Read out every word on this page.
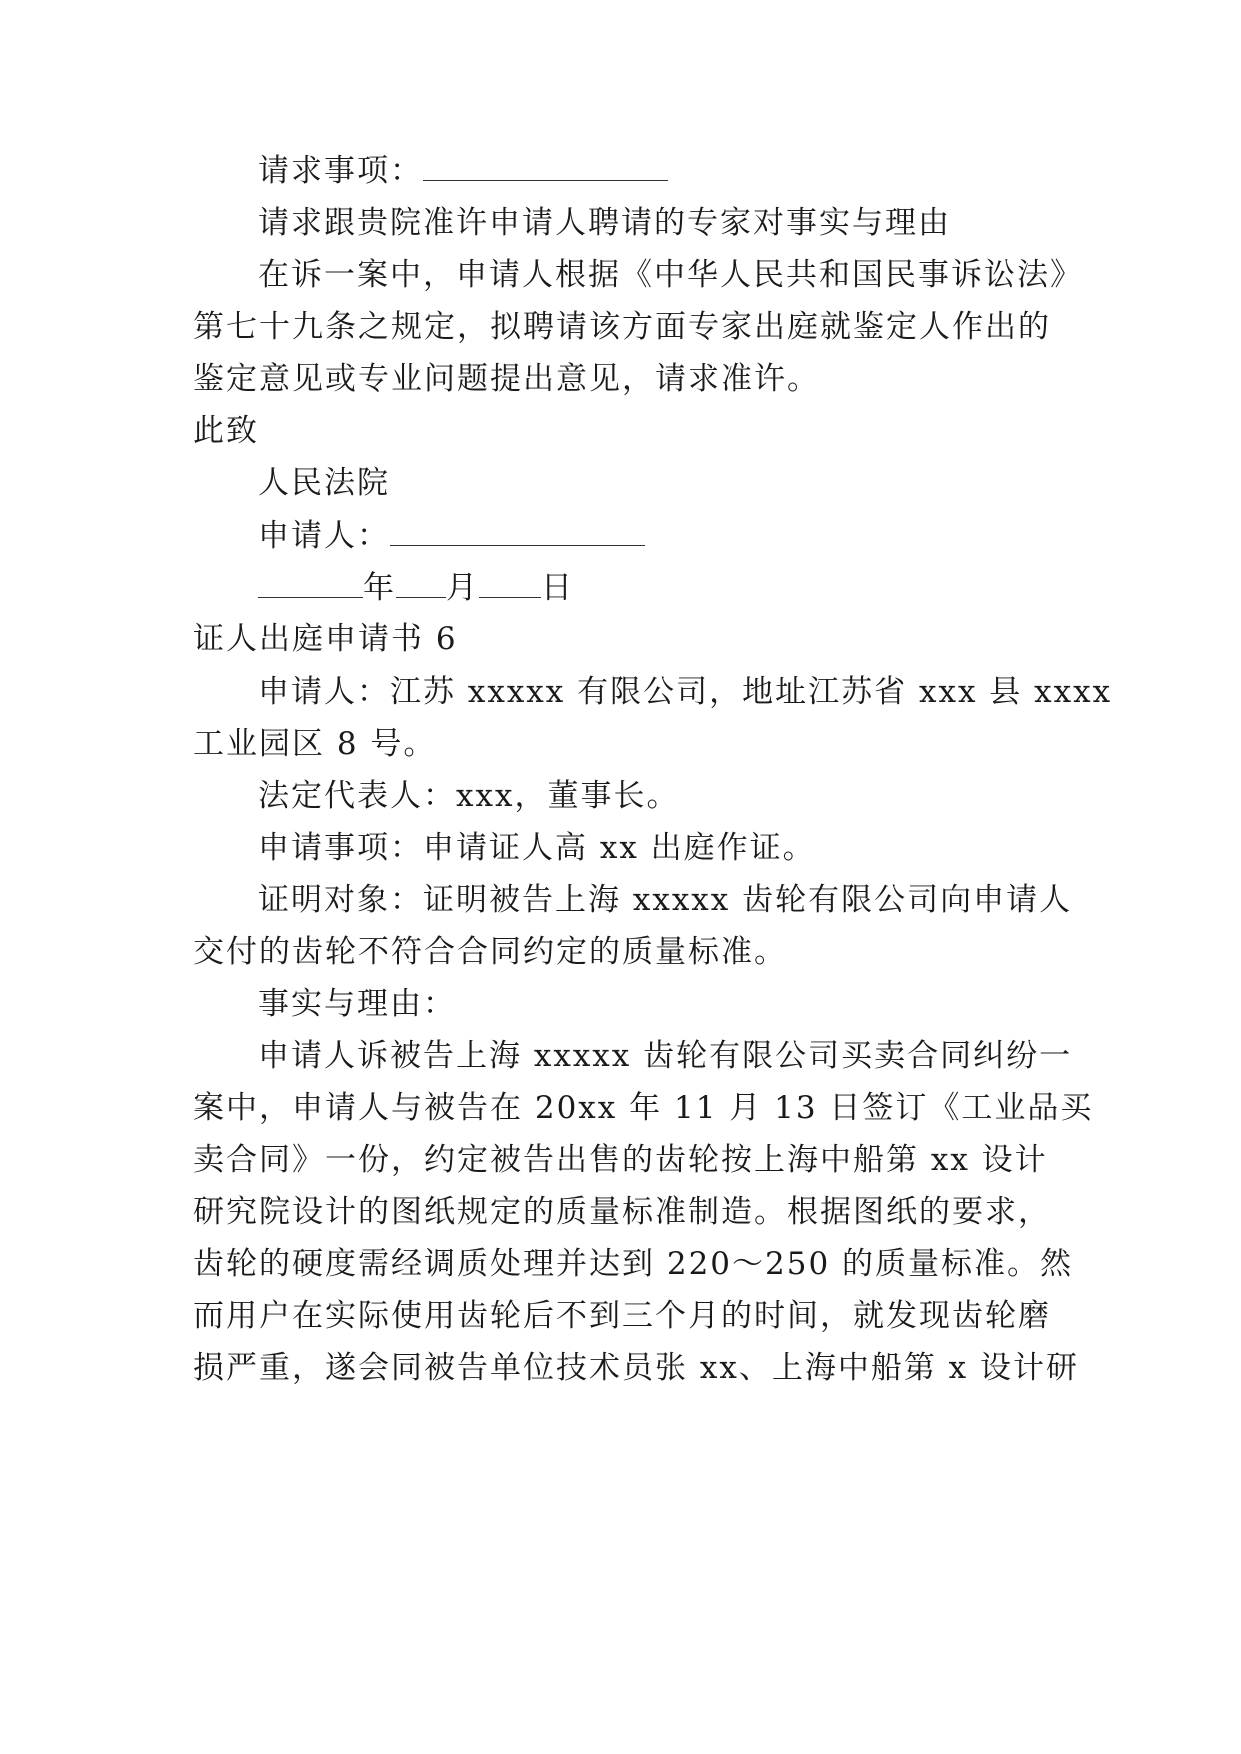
请求事项：
请求跟贵院准许申请人聘请的专家对事实与理由
在诉一案中，申请人根据《中华人民共和国民事诉讼法》
第七十九条之规定，拟聘请该方面专家出庭就鉴定人作出的
鉴定意见或专业问题提出意见，请求准许。
此致
人民法院
申请人：
年 月 日
证人出庭申请书 6
申请人：江苏 xxxxx 有限公司，地址江苏省 xxx 县 xxxx
工业园区 8 号。
法定代表人：xxx，董事长。
申请事项：申请证人高 xx 出庭作证。
证明对象：证明被告上海 xxxxx 齿轮有限公司向申请人
交付的齿轮不符合合同约定的质量标准。
事实与理由：
申请人诉被告上海 xxxxx 齿轮有限公司买卖合同纠纷一
案中，申请人与被告在 20xx 年 11 月 13 日签订《工业品买
卖合同》一份，约定被告出售的齿轮按上海中船第 xx 设计
研究院设计的图纸规定的质量标准制造。根据图纸的要求，
齿轮的硬度需经调质处理并达到 220～250 的质量标准。然
而用户在实际使用齿轮后不到三个月的时间，就发现齿轮磨
损严重，遂会同被告单位技术员张 xx、上海中船第 x 设计研
